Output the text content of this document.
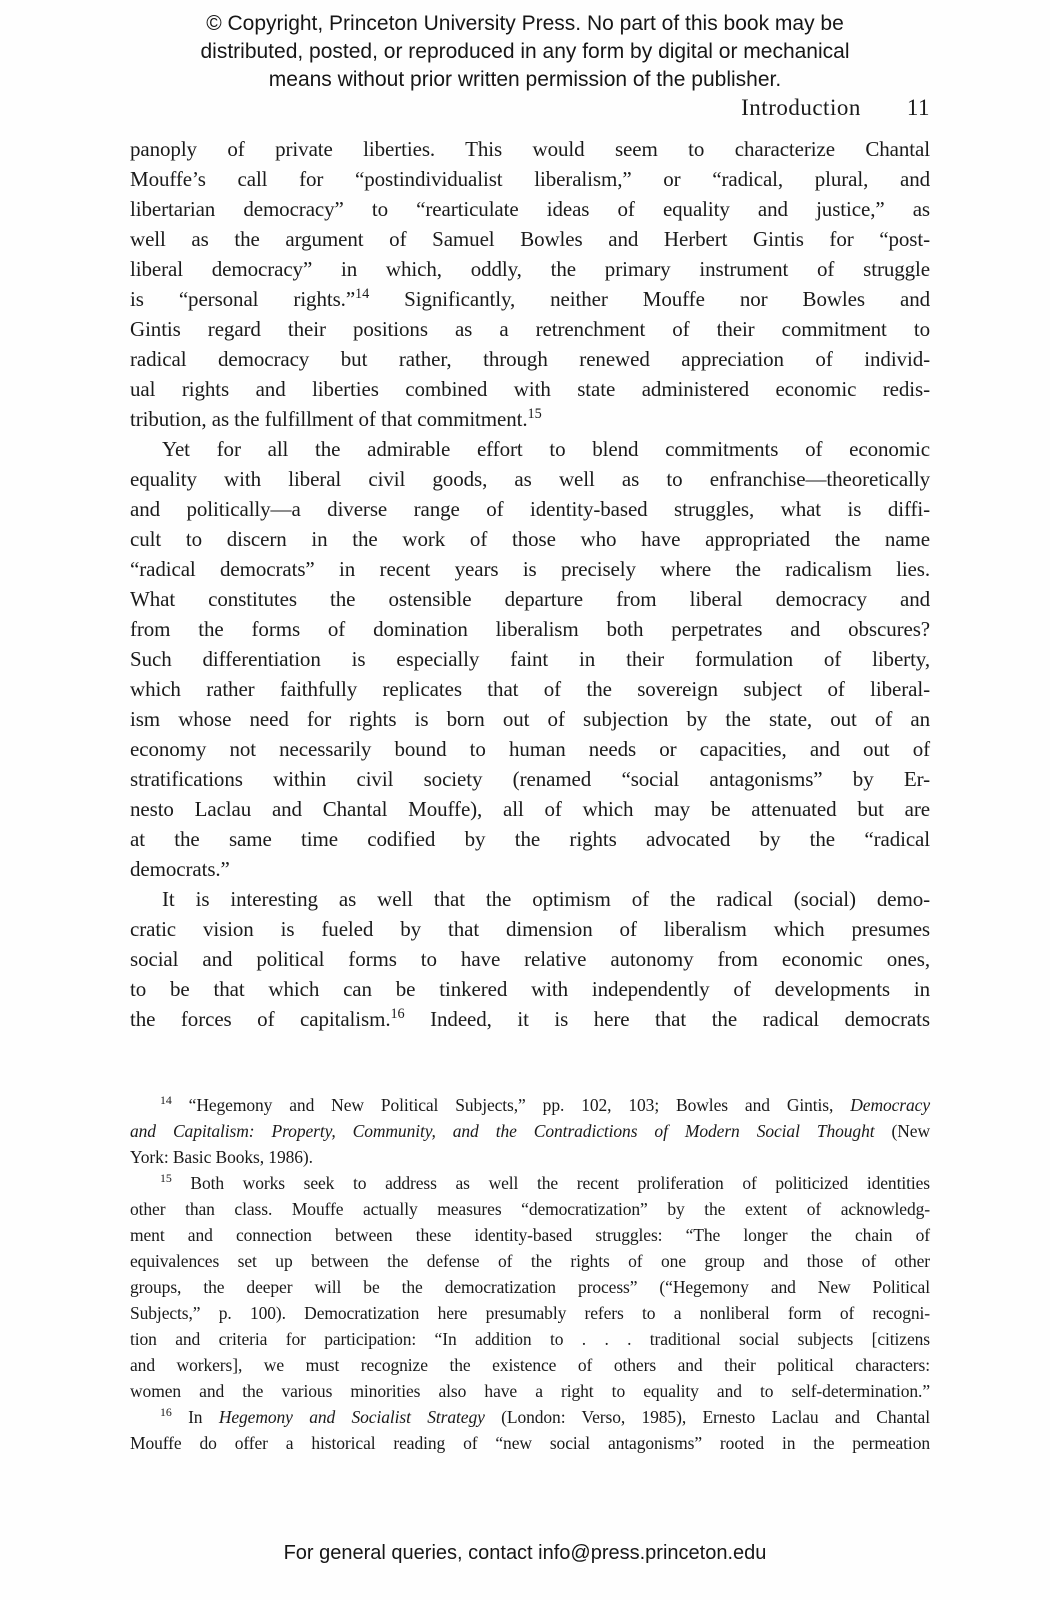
© Copyright, Princeton University Press. No part of this book may be
distributed, posted, or reproduced in any form by digital or mechanical
means without prior written permission of the publisher.
Introduction 11
panoply of private liberties. This would seem to characterize Chantal
Mouffe’s call for “postindividualist liberalism,” or “radical, plural, and
libertarian democracy” to “rearticulate ideas of equality and justice,” as
well as the argument of Samuel Bowles and Herbert Gintis for “post-
liberal democracy” in which, oddly, the primary instrument of struggle
is “personal rights.”$^{14}$ Significantly, neither Mouffe nor Bowles and
Gintis regard their positions as a retrenchment of their commitment to
radical democracy but rather, through renewed appreciation of individ-
ual rights and liberties combined with state administered economic redis-
tribution, as the fulfillment of that commitment.$^{15}$
Yet for all the admirable effort to blend commitments of economic
equality with liberal civil goods, as well as to enfranchise—theoretically
and politically—a diverse range of identity-based struggles, what is diffi-
cult to discern in the work of those who have appropriated the name
“radical democrats” in recent years is precisely where the radicalism lies.
What constitutes the ostensible departure from liberal democracy and
from the forms of domination liberalism both perpetrates and obscures?
Such differentiation is especially faint in their formulation of liberty,
which rather faithfully replicates that of the sovereign subject of liberal-
ism whose need for rights is born out of subjection by the state, out of an
economy not necessarily bound to human needs or capacities, and out of
stratifications within civil society (renamed “social antagonisms” by Er-
nesto Laclau and Chantal Mouffe), all of which may be attenuated but are
at the same time codified by the rights advocated by the “radical
democrats.”
It is interesting as well that the optimism of the radical (social) demo-
cratic vision is fueled by that dimension of liberalism which presumes
social and political forms to have relative autonomy from economic ones,
to be that which can be tinkered with independently of developments in
the forces of capitalism.$^{16}$ Indeed, it is here that the radical democrats
$^{14}$ “Hegemony and New Political Subjects,” pp. 102, 103; Bowles and Gintis, Democracy
and Capitalism: Property, Community, and the Contradictions of Modern Social Thought (New
York: Basic Books, 1986).
$^{15}$ Both works seek to address as well the recent proliferation of politicized identities
other than class. Mouffe actually measures “democratization” by the extent of acknowledg-
ment and connection between these identity-based struggles: “The longer the chain of
equivalences set up between the defense of the rights of one group and those of other
groups, the deeper will be the democratization process” (“Hegemony and New Political
Subjects,” p. 100). Democratization here presumably refers to a nonliberal form of recogni-
tion and criteria for participation: “In addition to . . . traditional social subjects [citizens
and workers], we must recognize the existence of others and their political characters:
women and the various minorities also have a right to equality and to self-determination.”
$^{16}$ In Hegemony and Socialist Strategy (London: Verso, 1985), Ernesto Laclau and Chantal
Mouffe do offer a historical reading of “new social antagonisms” rooted in the permeation
For general queries, contact info@press.princeton.edu
